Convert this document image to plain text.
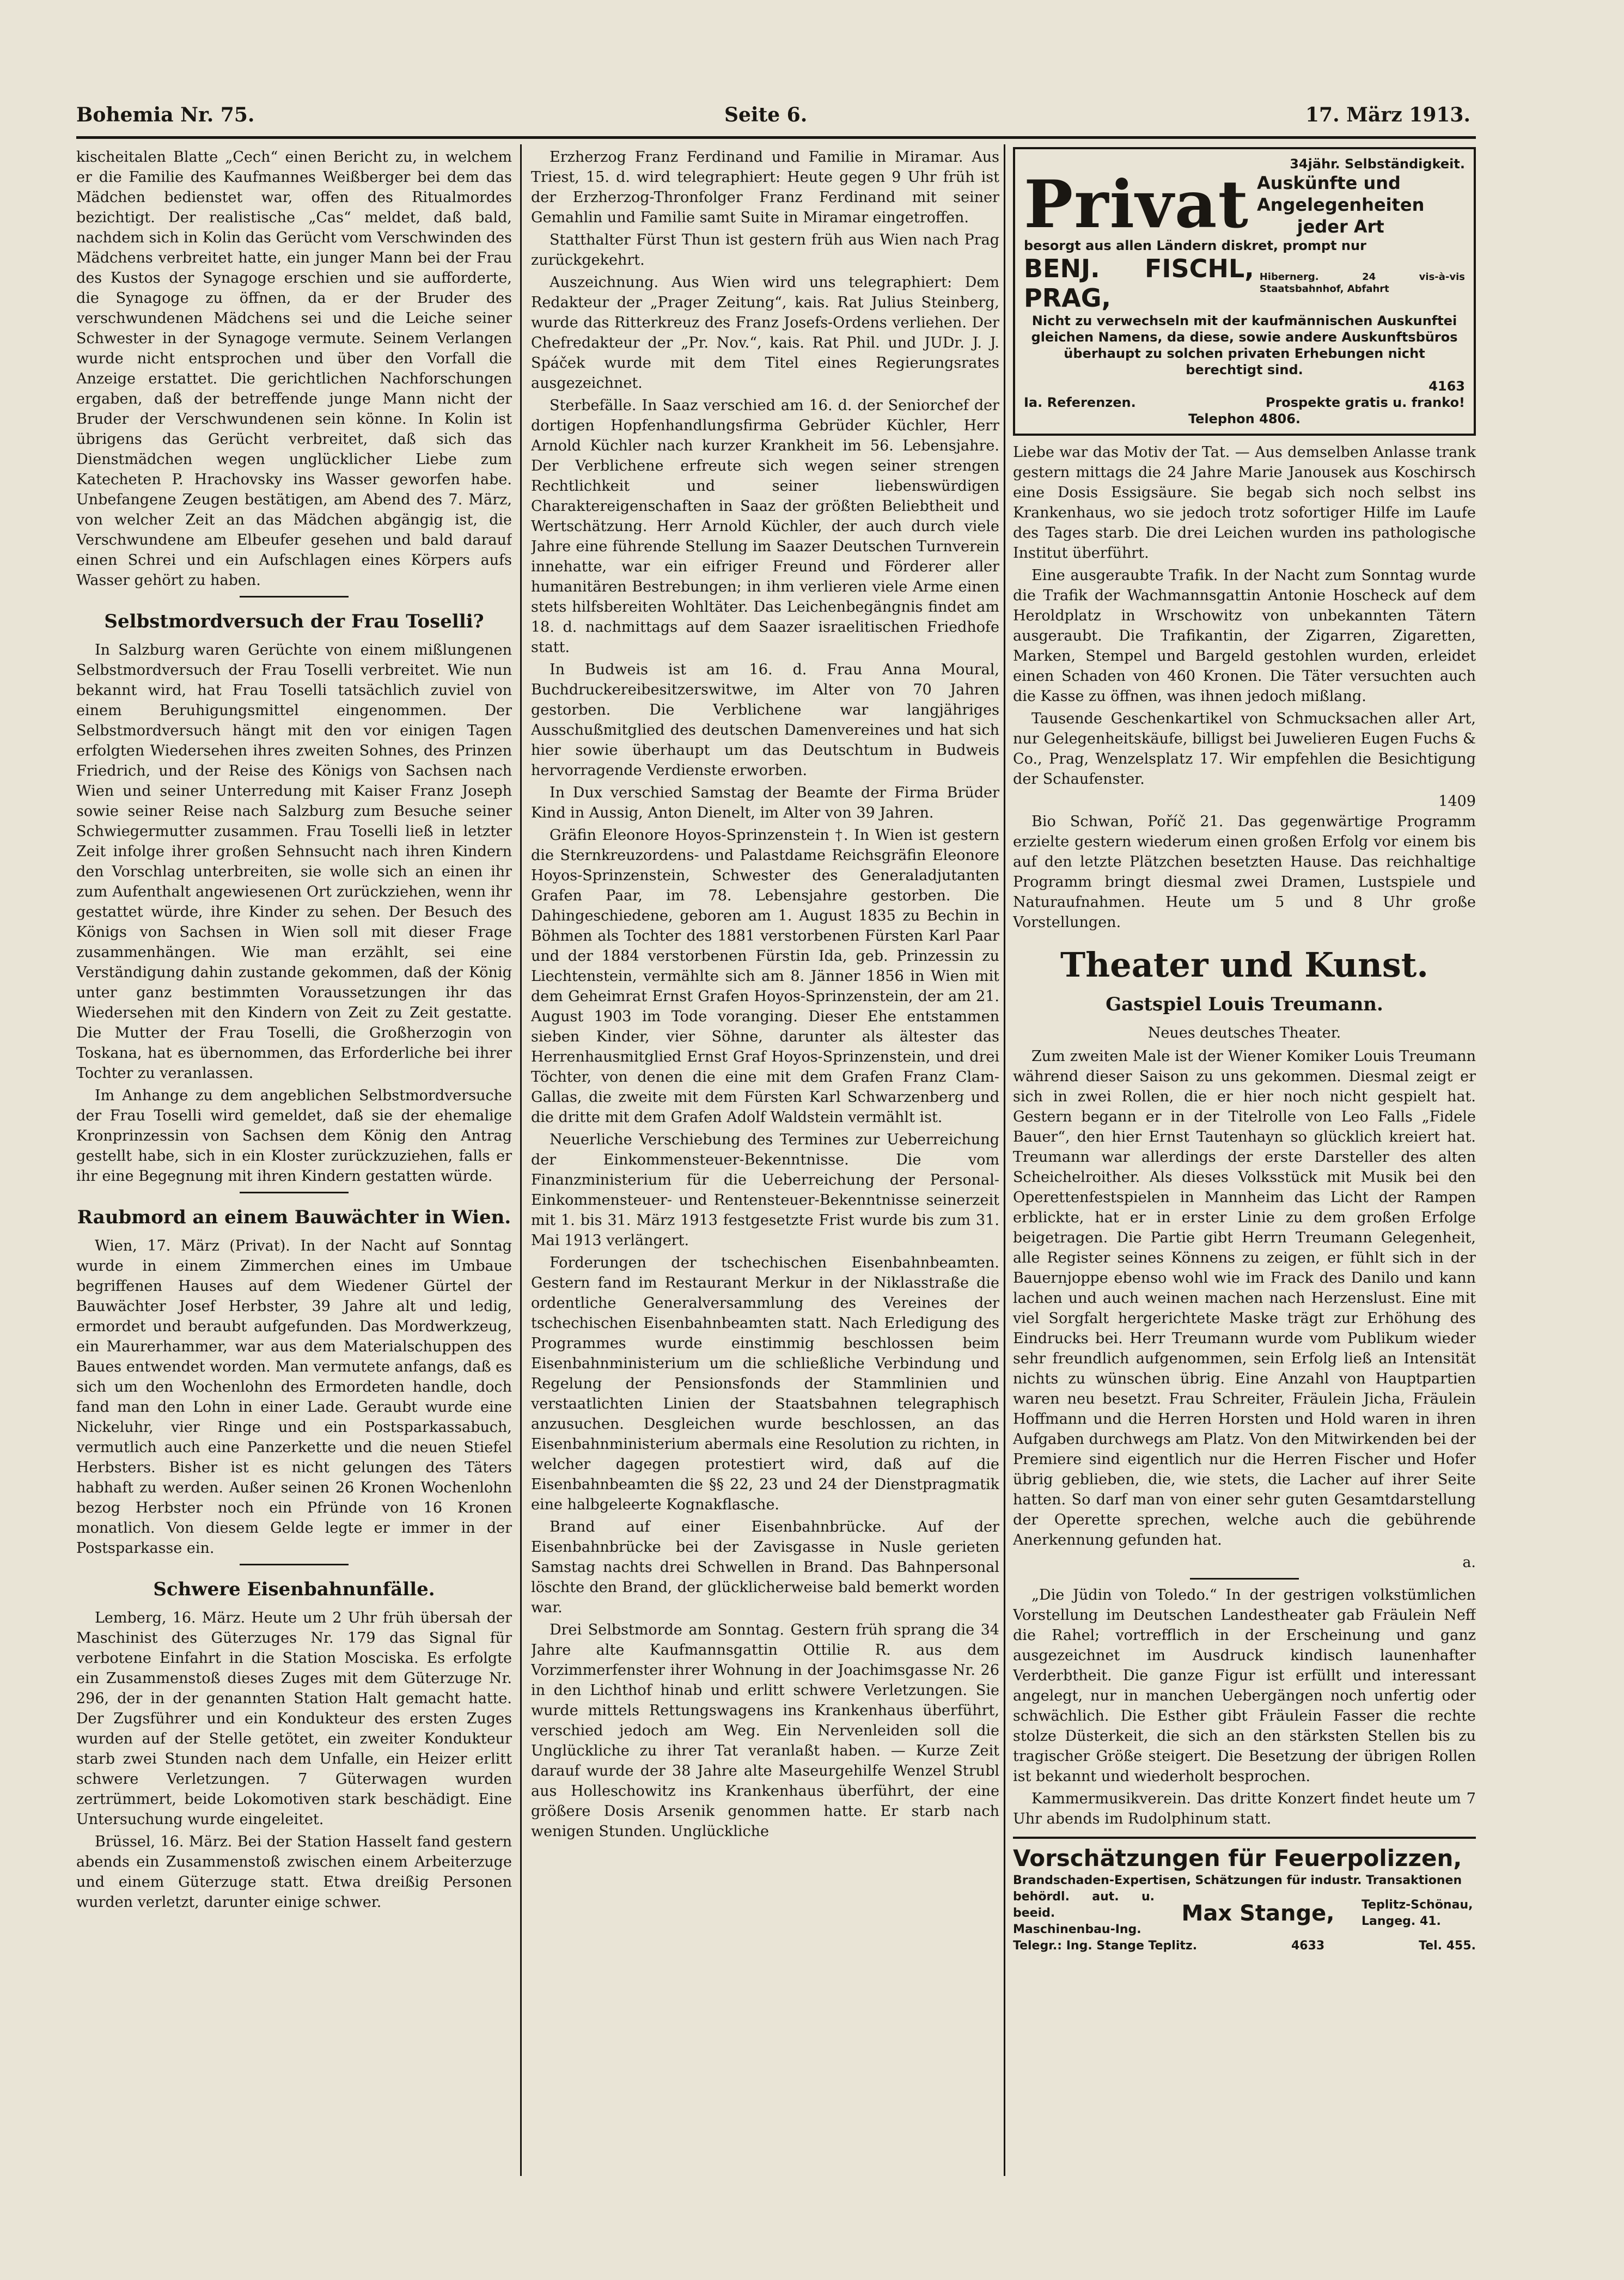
Bohemia Nr. 75.	Seite 6.	17. März 1913.

kischeitalen Blatte „Cech“ einen Bericht zu, in welchem er die Familie des Kaufmannes Weißberger bei dem das Mädchen bedienstet war, offen des Ritualmordes bezichtigt. Der realistische „Cas“ meldet, daß bald, nachdem sich in Kolin das Gerücht vom Verschwinden des Mädchens verbreitet hatte, ein junger Mann bei der Frau des Kustos der Synagoge erschien und sie aufforderte, die Synagoge zu öffnen, da er der Bruder des verschwundenen Mädchens sei und die Leiche seiner Schwester in der Synagoge vermute. Seinem Verlangen wurde nicht entsprochen und über den Vorfall die Anzeige erstattet. Die gerichtlichen Nachforschungen ergaben, daß der betreffende junge Mann nicht der Bruder der Verschwundenen sein könne. In Kolin ist übrigens das Gerücht verbreitet, daß sich das Dienstmädchen wegen unglücklicher Liebe zum Katecheten P. Hrachovsky ins Wasser geworfen habe. Unbefangene Zeugen bestätigen, am Abend des 7. März, von welcher Zeit an das Mädchen abgängig ist, die Verschwundene am Elbeufer gesehen und bald darauf einen Schrei und ein Aufschlagen eines Körpers aufs Wasser gehört zu haben.

Selbstmordversuch der Frau Toselli?

In Salzburg waren Gerüchte von einem mißlungenen Selbstmordversuch der Frau Toselli verbreitet. Wie nun bekannt wird, hat Frau Toselli tatsächlich zuviel von einem Beruhigungsmittel eingenommen. Der Selbstmordversuch hängt mit den vor einigen Tagen erfolgten Wiedersehen ihres zweiten Sohnes, des Prinzen Friedrich, und der Reise des Königs von Sachsen nach Wien und seiner Unterredung mit Kaiser Franz Joseph sowie seiner Reise nach Salzburg zum Besuche seiner Schwiegermutter zusammen. Frau Toselli ließ in letzter Zeit infolge ihrer großen Sehnsucht nach ihren Kindern den Vorschlag unterbreiten, sie wolle sich an einen ihr zum Aufenthalt angewiesenen Ort zurückziehen, wenn ihr gestattet würde, ihre Kinder zu sehen. Der Besuch des Königs von Sachsen in Wien soll mit dieser Frage zusammenhängen. Wie man erzählt, sei eine Verständigung dahin zustande gekommen, daß der König unter ganz bestimmten Voraussetzungen ihr das Wiedersehen mit den Kindern von Zeit zu Zeit gestatte. Die Mutter der Frau Toselli, die Großherzogin von Toskana, hat es übernommen, das Erforderliche bei ihrer Tochter zu veranlassen.

Im Anhange zu dem angeblichen Selbstmordversuche der Frau Toselli wird gemeldet, daß sie der ehemalige Kronprinzessin von Sachsen dem König den Antrag gestellt habe, sich in ein Kloster zurückzuziehen, falls er ihr eine Begegnung mit ihren Kindern gestatten würde.

Raubmord an einem Bauwächter in Wien.

Wien, 17. März (Privat). In der Nacht auf Sonntag wurde in einem Zimmerchen eines im Umbaue begriffenen Hauses auf dem Wiedener Gürtel der Bauwächter Josef Herbster, 39 Jahre alt und ledig, ermordet und beraubt aufgefunden. Das Mordwerkzeug, ein Maurerhammer, war aus dem Materialschuppen des Baues entwendet worden. Man vermutete anfangs, daß es sich um den Wochenlohn des Ermordeten handle, doch fand man den Lohn in einer Lade. Geraubt wurde eine Nickeluhr, vier Ringe und ein Postsparkassabuch, vermutlich auch eine Panzerkette und die neuen Stiefel Herbsters. Bisher ist es nicht gelungen des Täters habhaft zu werden. Außer seinen 26 Kronen Wochenlohn bezog Herbster noch ein Pfründe von 16 Kronen monatlich. Von diesem Gelde legte er immer in der Postsparkasse ein.

Schwere Eisenbahnunfälle.

Lemberg, 16. März. Heute um 2 Uhr früh übersah der Maschinist des Güterzuges Nr. 179 das Signal für verbotene Einfahrt in die Station Mosciska. Es erfolgte ein Zusammenstoß dieses Zuges mit dem Güterzuge Nr. 296, der in der genannten Station Halt gemacht hatte. Der Zugsführer und ein Kondukteur des ersten Zuges wurden auf der Stelle getötet, ein zweiter Kondukteur starb zwei Stunden nach dem Unfalle, ein Heizer erlitt schwere Verletzungen. 7 Güterwagen wurden zertrümmert, beide Lokomotiven stark beschädigt. Eine Untersuchung wurde eingeleitet.

Brüssel, 16. März. Bei der Station Hasselt fand gestern abends ein Zusammenstoß zwischen einem Arbeiterzuge und einem Güterzuge statt. Etwa dreißig Personen wurden verletzt, darunter einige schwer.

Erzherzog Franz Ferdinand und Familie in Miramar. Aus Triest, 15. d. wird telegraphiert: Heute gegen 9 Uhr früh ist der Erzherzog-Thronfolger Franz Ferdinand mit seiner Gemahlin und Familie samt Suite in Miramar eingetroffen.

Statthalter Fürst Thun ist gestern früh aus Wien nach Prag zurückgekehrt.

Auszeichnung. Aus Wien wird uns telegraphiert: Dem Redakteur der „Prager Zeitung“, kais. Rat Julius Steinberg, wurde das Ritterkreuz des Franz Josefs-Ordens verliehen. Der Chefredakteur der „Pr. Nov.“, kais. Rat Phil. und JUDr. J. J. Spáček wurde mit dem Titel eines Regierungsrates ausgezeichnet.

Sterbefälle. In Saaz verschied am 16. d. der Seniorchef der dortigen Hopfenhandlungsfirma Gebrüder Küchler, Herr Arnold Küchler nach kurzer Krankheit im 56. Lebensjahre. Der Verblichene erfreute sich wegen seiner strengen Rechtlichkeit und seiner liebenswürdigen Charaktereigenschaften in Saaz der größten Beliebtheit und Wertschätzung. Herr Arnold Küchler, der auch durch viele Jahre eine führende Stellung im Saazer Deutschen Turnverein innehatte, war ein eifriger Freund und Förderer aller humanitären Bestrebungen; in ihm verlieren viele Arme einen stets hilfsbereiten Wohltäter. Das Leichenbegängnis findet am 18. d. nachmittags auf dem Saazer israelitischen Friedhofe statt.

In Budweis ist am 16. d. Frau Anna Moural, Buchdruckereibesitzerswitwe, im Alter von 70 Jahren gestorben. Die Verblichene war langjähriges Ausschußmitglied des deutschen Damenvereines und hat sich hier sowie überhaupt um das Deutschtum in Budweis hervorragende Verdienste erworben.

In Dux verschied Samstag der Beamte der Firma Brüder Kind in Aussig, Anton Dienelt, im Alter von 39 Jahren.

Gräfin Eleonore Hoyos-Sprinzenstein †. In Wien ist gestern die Sternkreuzordens- und Palastdame Reichsgräfin Eleonore Hoyos-Sprinzenstein, Schwester des Generaladjutanten Grafen Paar, im 78. Lebensjahre gestorben. Die Dahingeschiedene, geboren am 1. August 1835 zu Bechin in Böhmen als Tochter des 1881 verstorbenen Fürsten Karl Paar und der 1884 verstorbenen Fürstin Ida, geb. Prinzessin zu Liechtenstein, vermählte sich am 8. Jänner 1856 in Wien mit dem Geheimrat Ernst Grafen Hoyos-Sprinzenstein, der am 21. August 1903 im Tode voranging. Dieser Ehe entstammen sieben Kinder, vier Söhne, darunter als ältester das Herrenhausmitglied Ernst Graf Hoyos-Sprinzenstein, und drei Töchter, von denen die eine mit dem Grafen Franz Clam-Gallas, die zweite mit dem Fürsten Karl Schwarzenberg und die dritte mit dem Grafen Adolf Waldstein vermählt ist.

Neuerliche Verschiebung des Termines zur Ueberreichung der Einkommensteuer-Bekenntnisse. Die vom Finanzministerium für die Ueberreichung der Personal-Einkommensteuer- und Rentensteuer-Bekenntnisse seinerzeit mit 1. bis 31. März 1913 festgesetzte Frist wurde bis zum 31. Mai 1913 verlängert.

Forderungen der tschechischen Eisenbahnbeamten. Gestern fand im Restaurant Merkur in der Niklasstraße die ordentliche Generalversammlung des Vereines der tschechischen Eisenbahnbeamten statt. Nach Erledigung des Programmes wurde einstimmig beschlossen beim Eisenbahnministerium um die schließliche Verbindung und Regelung der Pensionsfonds der Stammlinien und verstaatlichten Linien der Staatsbahnen telegraphisch anzusuchen. Desgleichen wurde beschlossen, an das Eisenbahnministerium abermals eine Resolution zu richten, in welcher dagegen protestiert wird, daß auf die Eisenbahnbeamten die §§ 22, 23 und 24 der Dienstpragmatik eine halbgeleerte Kognakflasche.

Brand auf einer Eisenbahnbrücke. Auf der Eisenbahnbrücke bei der Zavisgasse in Nusle gerieten Samstag nachts drei Schwellen in Brand. Das Bahnpersonal löschte den Brand, der glücklicherweise bald bemerkt worden war.

Drei Selbstmorde am Sonntag. Gestern früh sprang die 34 Jahre alte Kaufmannsgattin Ottilie R. aus dem Vorzimmerfenster ihrer Wohnung in der Joachimsgasse Nr. 26 in den Lichthof hinab und erlitt schwere Verletzungen. Sie wurde mittels Rettungswagens ins Krankenhaus überführt, verschied jedoch am Weg. Ein Nervenleiden soll die Unglückliche zu ihrer Tat veranlaßt haben. — Kurze Zeit darauf wurde der 38 Jahre alte Maseurgehilfe Wenzel Strubl aus Holleschowitz ins Krankenhaus überführt, der eine größere Dosis Arsenik genommen hatte. Er starb nach wenigen Stunden. Unglückliche

34jähr. Selbständigkeit.
Privat Auskünfte und
Angelegenheiten
jeder Art
besorgt aus allen Ländern diskret, prompt nur
BENJ. FISCHL, PRAG,
Hibernerg. 24 vis-à-vis Staatsbahnhof, Abfahrt
Nicht zu verwechseln mit der kaufmännischen Auskunftei gleichen Namens, da diese, sowie andere Auskunftsbüros überhaupt zu solchen privaten Erhebungen nicht berechtigt sind.
4163
Ia. Referenzen.	Prospekte gratis u. franko!
Telephon 4806.

Liebe war das Motiv der Tat. — Aus demselben Anlasse trank gestern mittags die 24 Jahre Marie Janousek aus Koschirsch eine Dosis Essigsäure. Sie begab sich noch selbst ins Krankenhaus, wo sie jedoch trotz sofortiger Hilfe im Laufe des Tages starb. Die drei Leichen wurden ins pathologische Institut überführt.

Eine ausgeraubte Trafik. In der Nacht zum Sonntag wurde die Trafik der Wachmannsgattin Antonie Hoscheck auf dem Heroldplatz in Wrschowitz von unbekannten Tätern ausgeraubt. Die Trafikantin, der Zigarren, Zigaretten, Marken, Stempel und Bargeld gestohlen wurden, erleidet einen Schaden von 460 Kronen. Die Täter versuchten auch die Kasse zu öffnen, was ihnen jedoch mißlang.

Tausende Geschenkartikel von Schmucksachen aller Art, nur Gelegenheitskäufe, billigst bei Juwelieren Eugen Fuchs & Co., Prag, Wenzelsplatz 17. Wir empfehlen die Besichtigung der Schaufenster.

1409

Bio Schwan, Poříč 21. Das gegenwärtige Programm erzielte gestern wiederum einen großen Erfolg vor einem bis auf den letzte Plätzchen besetzten Hause. Das reichhaltige Programm bringt diesmal zwei Dramen, Lustspiele und Naturaufnahmen. Heute um 5 und 8 Uhr große Vorstellungen.

Theater und Kunst.
Gastspiel Louis Treumann.
Neues deutsches Theater.

Zum zweiten Male ist der Wiener Komiker Louis Treumann während dieser Saison zu uns gekommen. Diesmal zeigt er sich in zwei Rollen, die er hier noch nicht gespielt hat. Gestern begann er in der Titelrolle von Leo Falls „Fidele Bauer“, den hier Ernst Tautenhayn so glücklich kreiert hat. Treumann war allerdings der erste Darsteller des alten Scheichelroither. Als dieses Volksstück mit Musik bei den Operettenfestspielen in Mannheim das Licht der Rampen erblickte, hat er in erster Linie zu dem großen Erfolge beigetragen. Die Partie gibt Herrn Treumann Gelegenheit, alle Register seines Könnens zu zeigen, er fühlt sich in der Bauernjoppe ebenso wohl wie im Frack des Danilo und kann lachen und auch weinen machen nach Herzenslust. Eine mit viel Sorgfalt hergerichtete Maske trägt zur Erhöhung des Eindrucks bei. Herr Treumann wurde vom Publikum wieder sehr freundlich aufgenommen, sein Erfolg ließ an Intensität nichts zu wünschen übrig. Eine Anzahl von Hauptpartien waren neu besetzt. Frau Schreiter, Fräulein Jicha, Fräulein Hoffmann und die Herren Horsten und Hold waren in ihren Aufgaben durchwegs am Platz. Von den Mitwirkenden bei der Premiere sind eigentlich nur die Herren Fischer und Hofer übrig geblieben, die, wie stets, die Lacher auf ihrer Seite hatten. So darf man von einer sehr guten Gesamtdarstellung der Operette sprechen, welche auch die gebührende Anerkennung gefunden hat.

a.

„Die Jüdin von Toledo.“ In der gestrigen volkstümlichen Vorstellung im Deutschen Landestheater gab Fräulein Neff die Rahel; vortrefflich in der Erscheinung und ganz ausgezeichnet im Ausdruck kindisch launenhafter Verderbtheit. Die ganze Figur ist erfüllt und interessant angelegt, nur in manchen Uebergängen noch unfertig oder schwächlich. Die Esther gibt Fräulein Fasser die rechte stolze Düsterkeit, die sich an den stärksten Stellen bis zu tragischer Größe steigert. Die Besetzung der übrigen Rollen ist bekannt und wiederholt besprochen.

Kammermusikverein. Das dritte Konzert findet heute um 7 Uhr abends im Rudolphinum statt.

Vorschätzungen für Feuerpolizzen,
Brandschaden-Expertisen, Schätzungen für industr. Transaktionen
behördl. aut. u. beeid. Maschinenbau-Ing.
Max Stange, Teplitz-Schönau, Langeg. 41.
Telegr.: Ing. Stange Teplitz.	4633	Tel. 455.
